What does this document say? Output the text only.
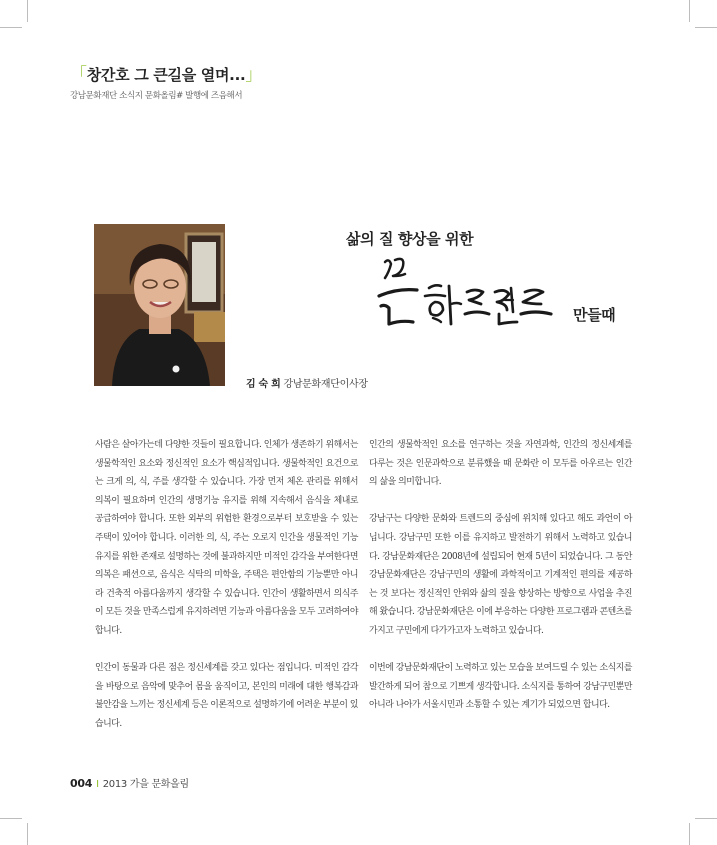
「창간호 그 큰길을 열며...」
강남문화재단 소식지 문화올림# 발행에 즈음해서
삶의 질 향상을 위한
만들때
김 숙 희 강남문화재단이사장

사람은 살아가는데 다양한 것들이 필요합니다. 인체가 생존하기 위해서는 생물학적인 요소와 정신적인 요소가 핵심적입니다. 생물학적인 요건으로는 크게 의, 식, 주를 생각할 수 있습니다. 가장 먼저 체온 관리를 위해서 의복이 필요하며 인간의 생명기능 유지를 위해 지속해서 음식을 체내로 공급하여야 합니다. 또한 외부의 위험한 환경으로부터 보호받을 수 있는 주택이 있어야 합니다. 이러한 의, 식, 주는 오로지 인간을 생물적인 기능 유지를 위한 존재로 설명하는 것에 불과하지만 미적인 감각을 부여한다면 의복은 패션으로, 음식은 식탁의 미학을, 주택은 편안함의 기능뿐만 아니라 건축적 아름다움까지 생각할 수 있습니다. 인간이 생활하면서 의식주 이 모든 것을 만족스럽게 유지하려면 기능과 아름다움을 모두 고려하여야 합니다.

인간이 동물과 다른 점은 정신세계를 갖고 있다는 점입니다. 미적인 감각을 바탕으로 음악에 맞추어 몸을 움직이고, 본인의 미래에 대한 행복감과 불안감을 느끼는 정신세계 등은 이론적으로 설명하기에 어려운 부분이 있습니다.

인간의 생물학적인 요소를 연구하는 것을 자연과학, 인간의 정신세계를 다루는 것은 인문과학으로 분류했을 때 문화란 이 모두를 아우르는 인간의 삶을 의미합니다.

강남구는 다양한 문화와 트렌드의 중심에 위치해 있다고 해도 과언이 아닙니다. 강남구민 또한 이를 유지하고 발전하기 위해서 노력하고 있습니다. 강남문화재단은 2008년에 설립되어 현재 5년이 되었습니다. 그 동안 강남문화재단은 강남구민의 생활에 과학적이고 기계적인 편의를 제공하는 것 보다는 정신적인 안위와 삶의 질을 향상하는 방향으로 사업을 추진해 왔습니다. 강남문화재단은 이에 부응하는 다양한 프로그램과 콘텐츠를 가지고 구민에게 다가가고자 노력하고 있습니다.

이번에 강남문화재단이 노력하고 있는 모습을 보여드릴 수 있는 소식지를 발간하게 되어 참으로 기쁘게 생각합니다. 소식지를 통하여 강남구민뿐만 아니라 나아가 서울시민과 소통할 수 있는 계기가 되었으면 합니다.

004 I 2013 가을 문화올림
